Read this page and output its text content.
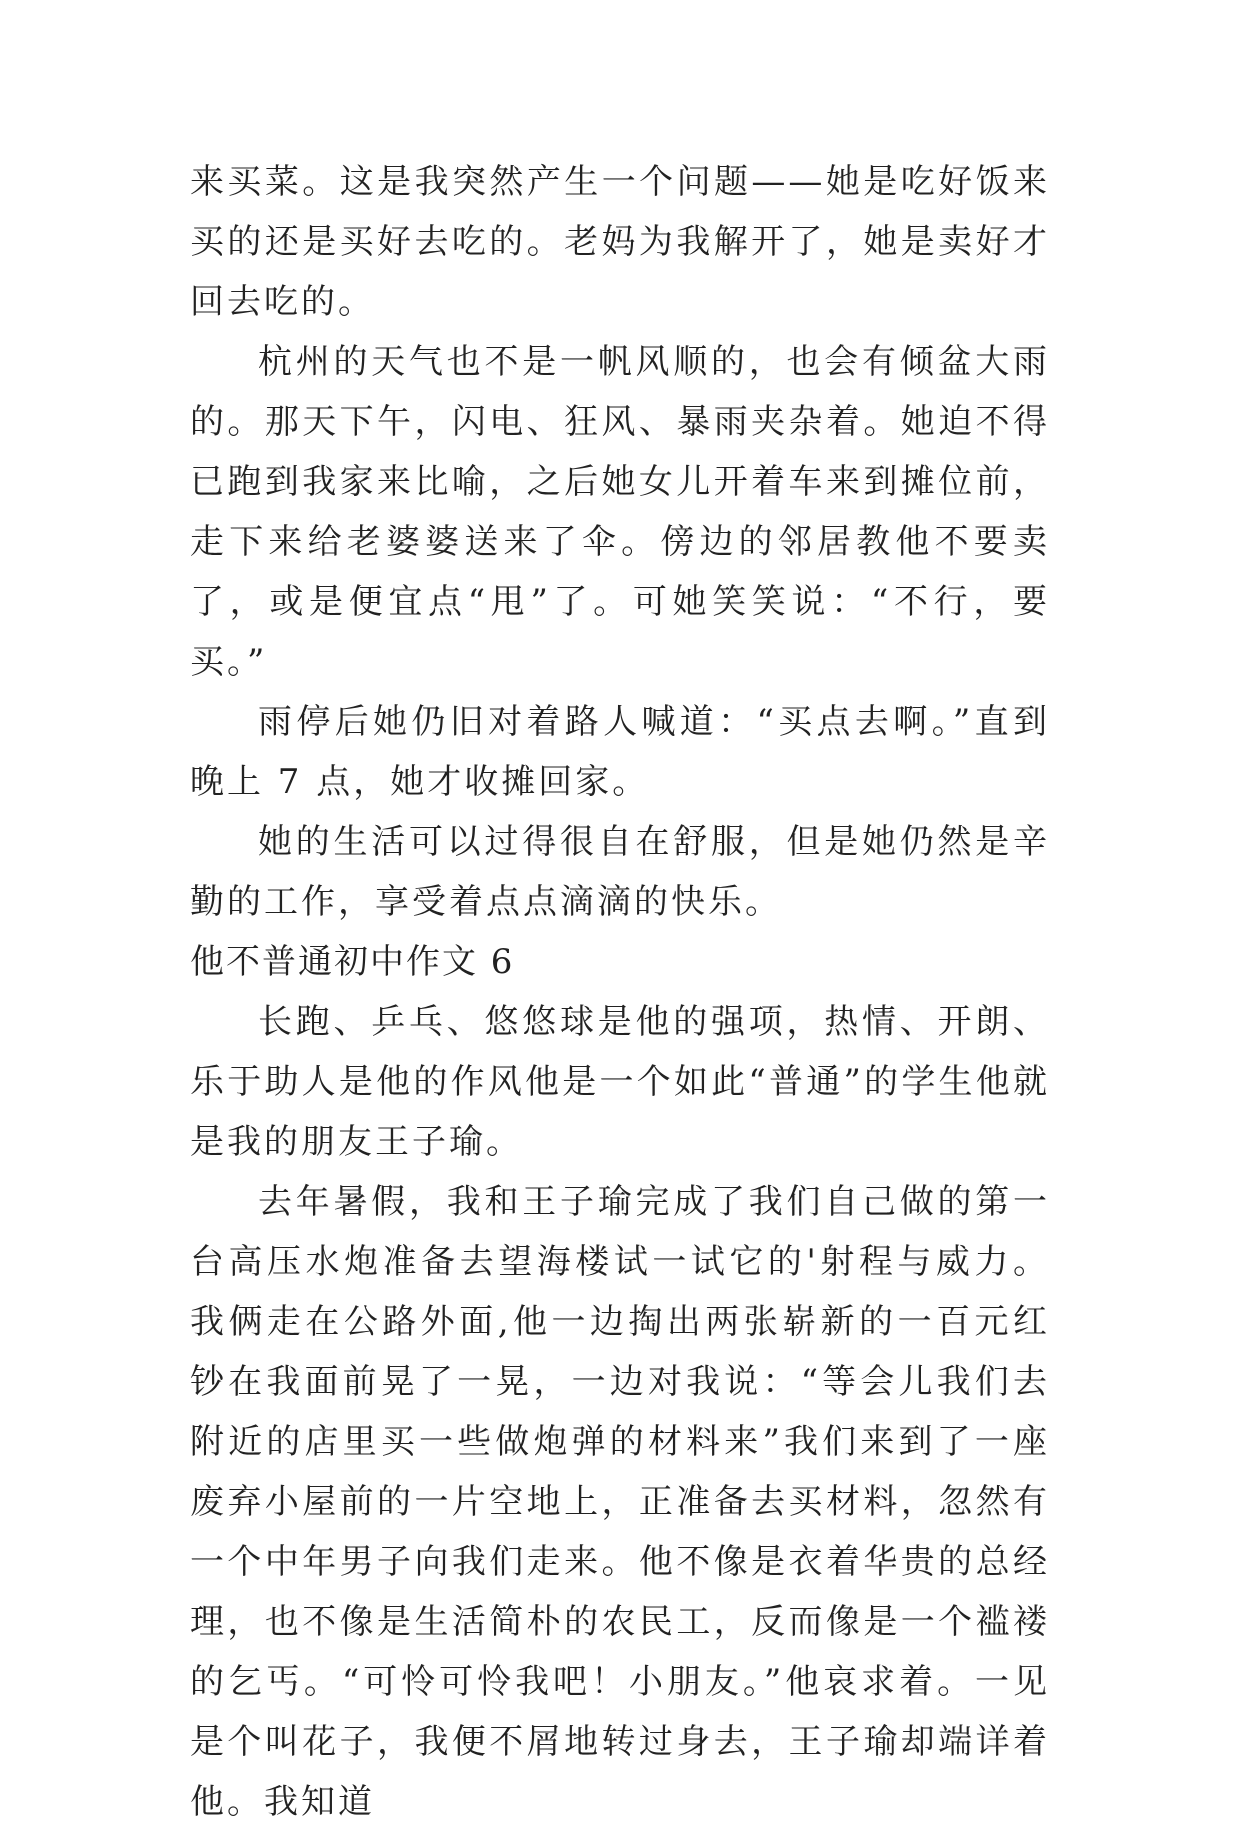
来买菜。这是我突然产生一个问题——她是吃好饭来买的还是买好去吃的。老妈为我解开了，她是卖好才回去吃的。

杭州的天气也不是一帆风顺的，也会有倾盆大雨的。那天下午，闪电、狂风、暴雨夹杂着。她迫不得已跑到我家来比喻，之后她女儿开着车来到摊位前，走下来给老婆婆送来了伞。傍边的邻居教他不要卖了，或是便宜点“甩”了。可她笑笑说：“不行，要买。”

雨停后她仍旧对着路人喊道：“买点去啊。”直到晚上 7 点，她才收摊回家。

她的生活可以过得很自在舒服，但是她仍然是辛勤的工作，享受着点点滴滴的快乐。

他不普通初中作文 6

长跑、乒乓、悠悠球是他的强项，热情、开朗、乐于助人是他的作风他是一个如此“普通”的学生他就是我的朋友王子瑜。

去年暑假，我和王子瑜完成了我们自己做的第一台高压水炮准备去望海楼试一试它的'射程与威力。我俩走在公路外面,他一边掏出两张崭新的一百元红钞在我面前晃了一晃，一边对我说：“等会儿我们去附近的店里买一些做炮弹的材料来”我们来到了一座废弃小屋前的一片空地上，正准备去买材料，忽然有一个中年男子向我们走来。他不像是衣着华贵的总经理，也不像是生活简朴的农民工，反而像是一个褴褛的乞丐。“可怜可怜我吧！小朋友。”他哀求着。一见是个叫花子，我便不屑地转过身去，王子瑜却端详着他。我知道
